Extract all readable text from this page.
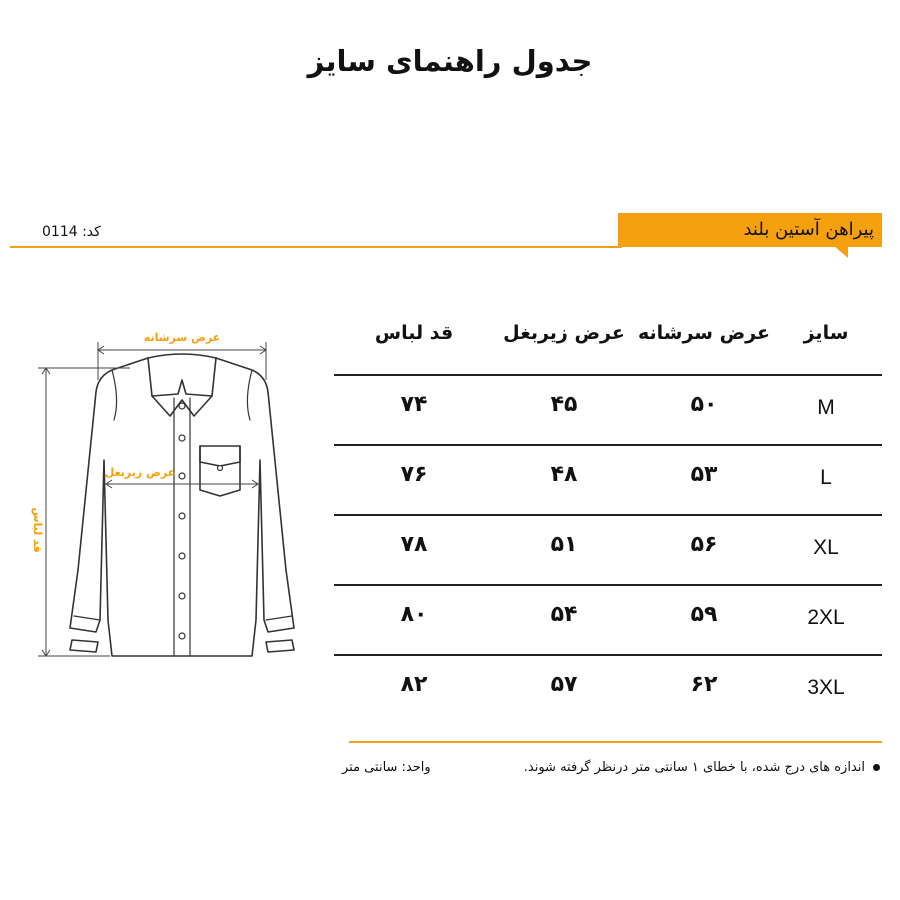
جدول راهنمای سایز
کد: 0114	پیراهن آستین بلند
عرض سرشانه
عرض زیربغل
قد لباس
سایز
عرض سرشانه
عرض زیربغل
قد لباس
M
۵۰
۴۵
۷۴
L
۵۳
۴۸
۷۶
XL
۵۶
۵۱
۷۸
2XL
۵۹
۵۴
۸۰
3XL
۶۲
۵۷
۸۲
اندازه های درج شده، با خطای ۱ سانتی متر درنظر گرفته شوند.
واحد: سانتی متر
